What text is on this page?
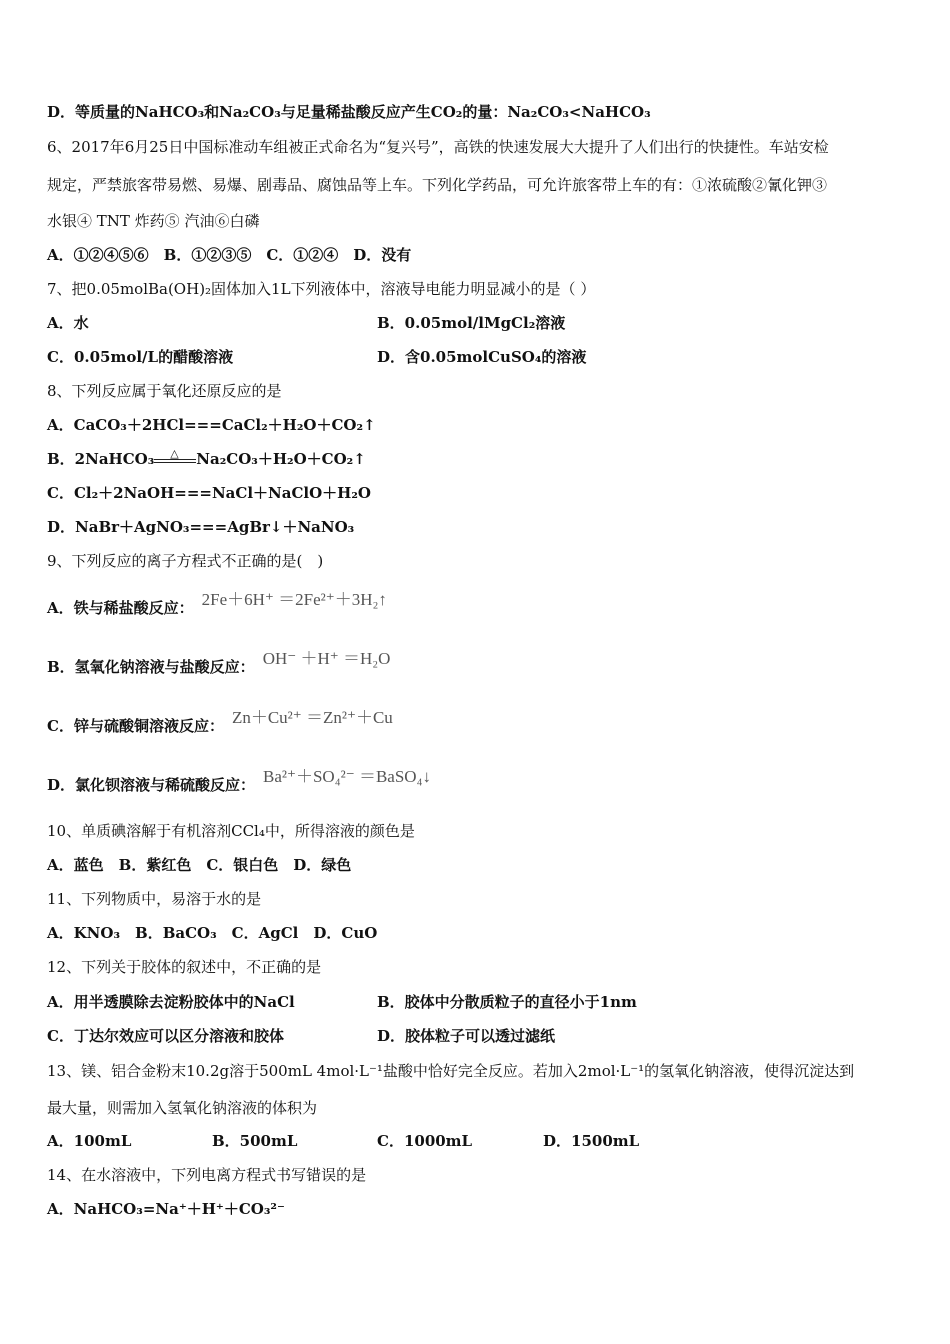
D．等质量的NaHCO₃和Na₂CO₃与足量稀盐酸反应产生CO₂的量：Na₂CO₃<NaHCO₃
6、2017年6月25日中国标准动车组被正式命名为“复兴号”，高铁的快速发展大大提升了人们出行的快捷性。车站安检
规定，严禁旅客带易燃、易爆、剧毒品、腐蚀品等上车。下列化学药品，可允许旅客带上车的有：①浓硫酸②氰化钾③
水银④ TNT 炸药⑤ 汽油⑥白磷
A．①②④⑤⑥　B．①②③⑤　C．①②④　D．没有
7、把0.05molBa(OH)₂固体加入1L下列液体中，溶液导电能力明显减小的是（ ）
A．水	B．0.05mol/lMgCl₂溶液
C．0.05mol/L的醋酸溶液	D．含0.05molCuSO₄的溶液
8、下列反应属于氧化还原反应的是
A．CaCO₃＋2HCl===CaCl₂＋H₂O＋CO₂↑
B．2NaHCO₃ △ Na₂CO₃＋H₂O＋CO₂↑
C．Cl₂＋2NaOH===NaCl＋NaClO＋H₂O
D．NaBr＋AgNO₃===AgBr↓＋NaNO₃
9、下列反应的离子方程式不正确的是(　)
A．铁与稀盐酸反应： 2Fe＋6H⁺ ＝2Fe²⁺＋3H₂↑
B．氢氧化钠溶液与盐酸反应： OH⁻ ＋H⁺ ＝H₂O
C．锌与硫酸铜溶液反应： Zn＋Cu²⁺ ＝Zn²⁺＋Cu
D．氯化钡溶液与稀硫酸反应： Ba²⁺＋SO₄²⁻ ＝BaSO₄↓
10、单质碘溶解于有机溶剂CCl₄中，所得溶液的颜色是
A．蓝色　B．紫红色　C．银白色　D．绿色
11、下列物质中，易溶于水的是
A．KNO₃　B．BaCO₃　C．AgCl　D．CuO
12、下列关于胶体的叙述中，不正确的是
A．用半透膜除去淀粉胶体中的NaCl	B．胶体中分散质粒子的直径小于1nm
C．丁达尔效应可以区分溶液和胶体	D．胶体粒子可以透过滤纸
13、镁、铝合金粉末10.2g溶于500mL 4mol·L⁻¹盐酸中恰好完全反应。若加入2mol·L⁻¹的氢氧化钠溶液，使得沉淀达到
最大量，则需加入氢氧化钠溶液的体积为
A．100mL	B．500mL	C．1000mL	D．1500mL
14、在水溶液中，下列电离方程式书写错误的是
A．NaHCO₃=Na⁺＋H⁺＋CO₃²⁻
